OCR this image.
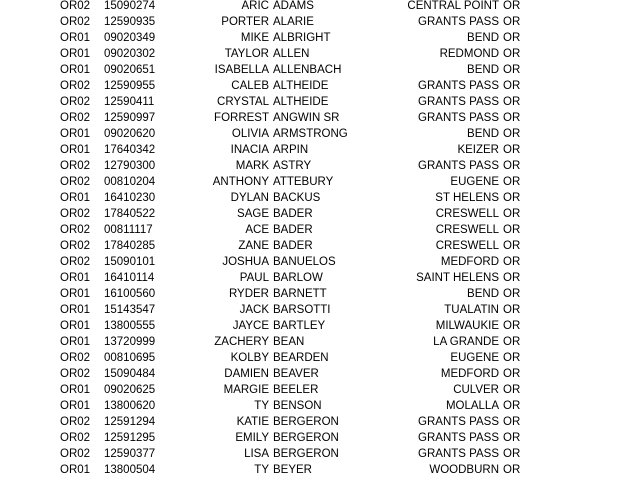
OR02 15090274	ARIC ADAMS	CENTRAL POINT OR
OR02 12590935	PORTER ALARIE	GRANTS PASS OR
OR01 09020349	MIKE ALBRIGHT	BEND OR
OR01 09020302	TAYLOR ALLEN	REDMOND OR
OR01 09020651	ISABELLA ALLENBACH	BEND OR
OR02 12590955	CALEB ALTHEIDE	GRANTS PASS OR
OR02 12590411	CRYSTAL ALTHEIDE	GRANTS PASS OR
OR02 12590997	FORREST ANGWIN SR	GRANTS PASS OR
OR01 09020620	OLIVIA ARMSTRONG	BEND OR
OR01 17640342	INACIA ARPIN	KEIZER OR
OR02 12790300	MARK ASTRY	GRANTS PASS OR
OR02 00810204	ANTHONY ATTEBURY	EUGENE OR
OR01 16410230	DYLAN BACKUS	ST HELENS OR
OR02 17840522	SAGE BADER	CRESWELL OR
OR02 00811117	ACE BADER	CRESWELL OR
OR02 17840285	ZANE BADER	CRESWELL OR
OR02 15090101	JOSHUA BANUELOS	MEDFORD OR
OR01 16410114	PAUL BARLOW	SAINT HELENS OR
OR01 16100560	RYDER BARNETT	BEND OR
OR01 15143547	JACK BARSOTTI	TUALATIN OR
OR01 13800555	JAYCE BARTLEY	MILWAUKIE OR
OR01 13720999	ZACHERY BEAN	LA GRANDE OR
OR02 00810695	KOLBY BEARDEN	EUGENE OR
OR02 15090484	DAMIEN BEAVER	MEDFORD OR
OR01 09020625	MARGIE BEELER	CULVER OR
OR01 13800620	TY BENSON	MOLALLA OR
OR02 12591294	KATIE BERGERON	GRANTS PASS OR
OR02 12591295	EMILY BERGERON	GRANTS PASS OR
OR02 12590377	LISA BERGERON	GRANTS PASS OR
OR01 13800504	TY BEYER	WOODBURN OR
